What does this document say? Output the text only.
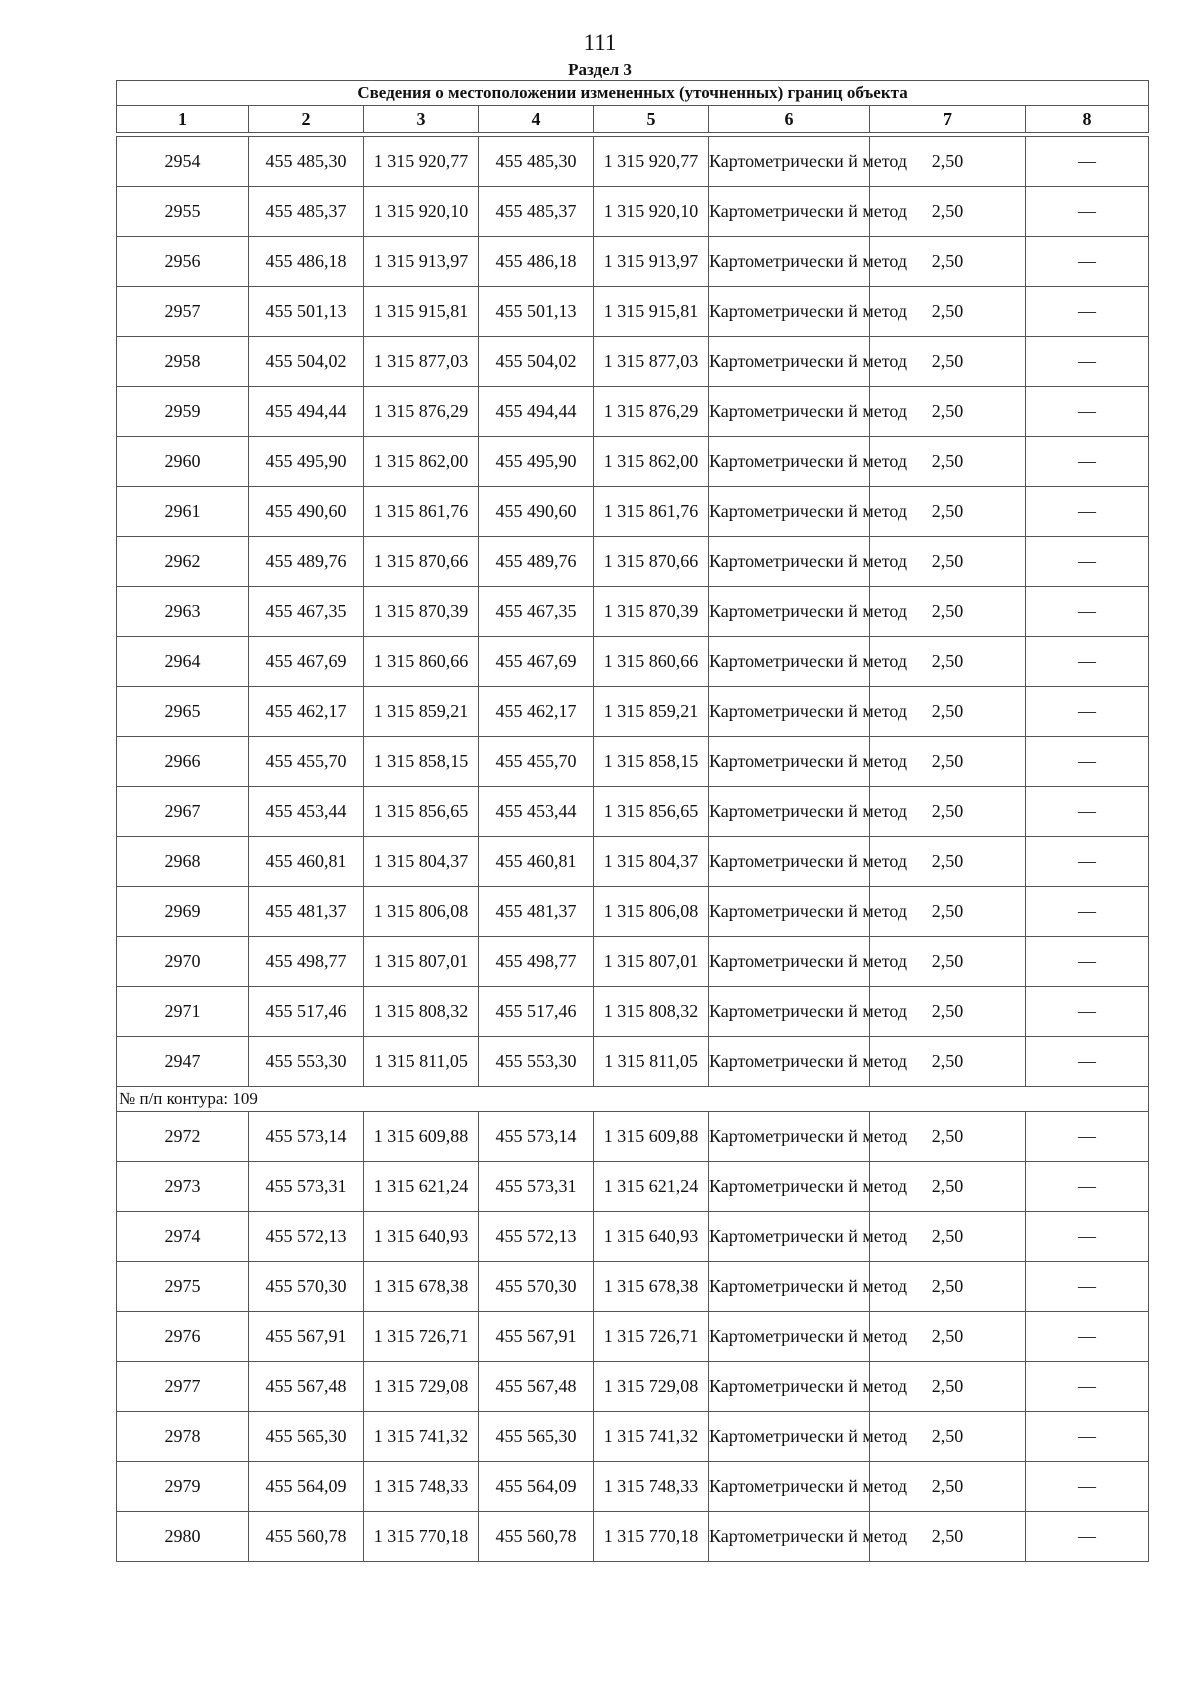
111
Раздел 3
Сведения о местоположении измененных (уточненных) границ объекта							
1	2	3	4	5	6	7	8

2954	455 485,30	1 315 920,77	455 485,30	1 315 920,77	Картометрически й метод	2,50	—
2955	455 485,37	1 315 920,10	455 485,37	1 315 920,10	Картометрически й метод	2,50	—
2956	455 486,18	1 315 913,97	455 486,18	1 315 913,97	Картометрически й метод	2,50	—
2957	455 501,13	1 315 915,81	455 501,13	1 315 915,81	Картометрически й метод	2,50	—
2958	455 504,02	1 315 877,03	455 504,02	1 315 877,03	Картометрически й метод	2,50	—
2959	455 494,44	1 315 876,29	455 494,44	1 315 876,29	Картометрически й метод	2,50	—
2960	455 495,90	1 315 862,00	455 495,90	1 315 862,00	Картометрически й метод	2,50	—
2961	455 490,60	1 315 861,76	455 490,60	1 315 861,76	Картометрически й метод	2,50	—
2962	455 489,76	1 315 870,66	455 489,76	1 315 870,66	Картометрически й метод	2,50	—
2963	455 467,35	1 315 870,39	455 467,35	1 315 870,39	Картометрически й метод	2,50	—
2964	455 467,69	1 315 860,66	455 467,69	1 315 860,66	Картометрически й метод	2,50	—
2965	455 462,17	1 315 859,21	455 462,17	1 315 859,21	Картометрически й метод	2,50	—
2966	455 455,70	1 315 858,15	455 455,70	1 315 858,15	Картометрически й метод	2,50	—
2967	455 453,44	1 315 856,65	455 453,44	1 315 856,65	Картометрически й метод	2,50	—
2968	455 460,81	1 315 804,37	455 460,81	1 315 804,37	Картометрически й метод	2,50	—
2969	455 481,37	1 315 806,08	455 481,37	1 315 806,08	Картометрически й метод	2,50	—
2970	455 498,77	1 315 807,01	455 498,77	1 315 807,01	Картометрически й метод	2,50	—
2971	455 517,46	1 315 808,32	455 517,46	1 315 808,32	Картометрически й метод	2,50	—
2947	455 553,30	1 315 811,05	455 553,30	1 315 811,05	Картометрически й метод	2,50	—
№ п/п контура: 109							
2972	455 573,14	1 315 609,88	455 573,14	1 315 609,88	Картометрически й метод	2,50	—
2973	455 573,31	1 315 621,24	455 573,31	1 315 621,24	Картометрически й метод	2,50	—
2974	455 572,13	1 315 640,93	455 572,13	1 315 640,93	Картометрически й метод	2,50	—
2975	455 570,30	1 315 678,38	455 570,30	1 315 678,38	Картометрически й метод	2,50	—
2976	455 567,91	1 315 726,71	455 567,91	1 315 726,71	Картометрически й метод	2,50	—
2977	455 567,48	1 315 729,08	455 567,48	1 315 729,08	Картометрически й метод	2,50	—
2978	455 565,30	1 315 741,32	455 565,30	1 315 741,32	Картометрически й метод	2,50	—
2979	455 564,09	1 315 748,33	455 564,09	1 315 748,33	Картометрически й метод	2,50	—
2980	455 560,78	1 315 770,18	455 560,78	1 315 770,18	Картометрически й метод	2,50	—
